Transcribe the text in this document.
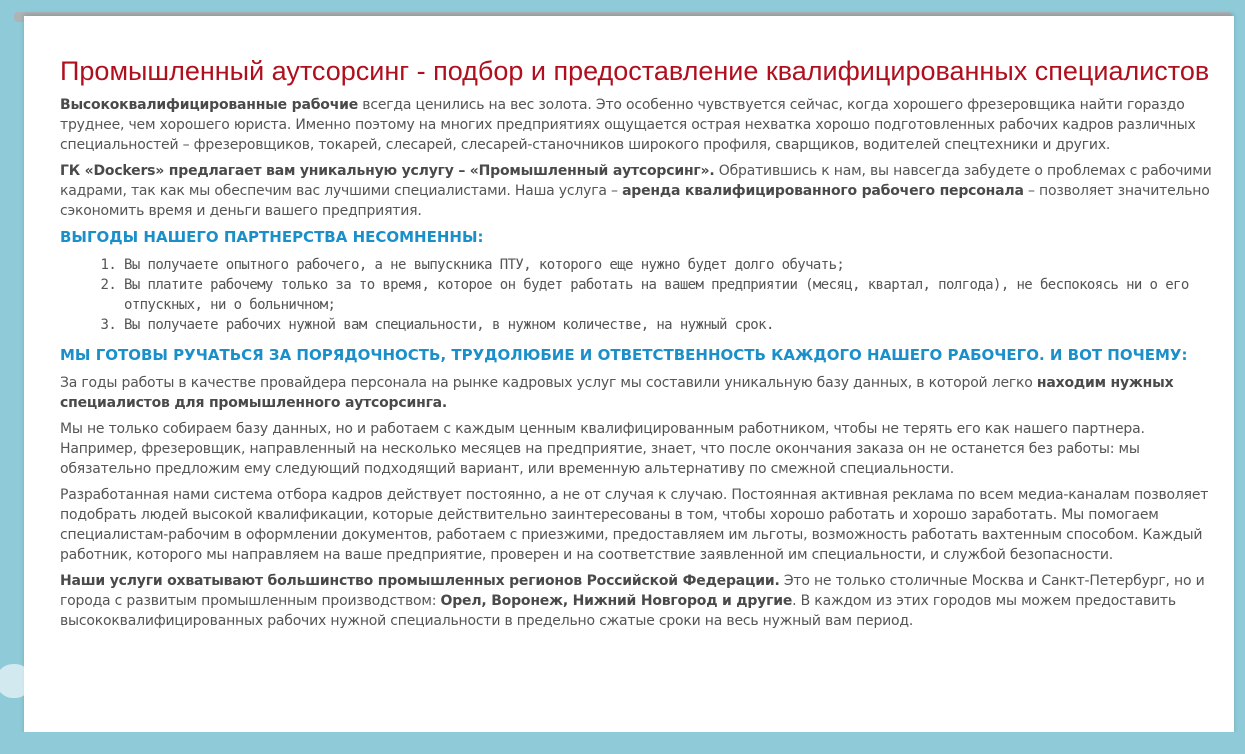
Промышленный аутсорсинг - подбор и предоставление квалифицированных специалистов

Высококвалифицированные рабочие всегда ценились на вес золота. Это особенно чувствуется сейчас, когда хорошего фрезеровщика найти гораздо труднее, чем хорошего юриста. Именно поэтому на многих предприятиях ощущается острая нехватка хорошо подготовленных рабочих кадров различных специальностей – фрезеровщиков, токарей, слесарей, слесарей-станочников широкого профиля, сварщиков, водителей спецтехники и других.

ГК «Dockers» предлагает вам уникальную услугу – «Промышленный аутсорсинг». Обратившись к нам, вы навсегда забудете о проблемах с рабочими кадрами, так как мы обеспечим вас лучшими специалистами. Наша услуга – аренда квалифицированного рабочего персонала – позволяет значительно сэкономить время и деньги вашего предприятия.

ВЫГОДЫ НАШЕГО ПАРТНЕРСТВА НЕСОМНЕННЫ:
1. Вы получаете опытного рабочего, а не выпускника ПТУ, которого еще нужно будет долго обучать;
2. Вы платите рабочему только за то время, которое он будет работать на вашем предприятии (месяц, квартал, полгода), не беспокоясь ни о его отпускных, ни о больничном;
3. Вы получаете рабочих нужной вам специальности, в нужном количестве, на нужный срок.
МЫ ГОТОВЫ РУЧАТЬСЯ ЗА ПОРЯДОЧНОСТЬ, ТРУДОЛЮБИЕ И ОТВЕТСТВЕННОСТЬ КАЖДОГО НАШЕГО РАБОЧЕГО. И ВОТ ПОЧЕМУ:

За годы работы в качестве провайдера персонала на рынке кадровых услуг мы составили уникальную базу данных, в которой легко находим нужных специалистов для промышленного аутсорсинга.

Мы не только собираем базу данных, но и работаем с каждым ценным квалифицированным работником, чтобы не терять его как нашего партнера. Например, фрезеровщик, направленный на несколько месяцев на предприятие, знает, что после окончания заказа он не останется без работы: мы обязательно предложим ему следующий подходящий вариант, или временную альтернативу по смежной специальности.

Разработанная нами система отбора кадров действует постоянно, а не от случая к случаю. Постоянная активная реклама по всем медиа-каналам позволяет подобрать людей высокой квалификации, которые действительно заинтересованы в том, чтобы хорошо работать и хорошо заработать. Мы помогаем специалистам-рабочим в оформлении документов, работаем с приезжими, предоставляем им льготы, возможность работать вахтенным способом. Каждый работник, которого мы направляем на ваше предприятие, проверен и на соответствие заявленной им специальности, и службой безопасности.

Наши услуги охватывают большинство промышленных регионов Российской Федерации. Это не только столичные Москва и Санкт-Петербург, но и города с развитым промышленным производством: Орел, Воронеж, Нижний Новгород и другие. В каждом из этих городов мы можем предоставить высококвалифицированных рабочих нужной специальности в предельно сжатые сроки на весь нужный вам период.
